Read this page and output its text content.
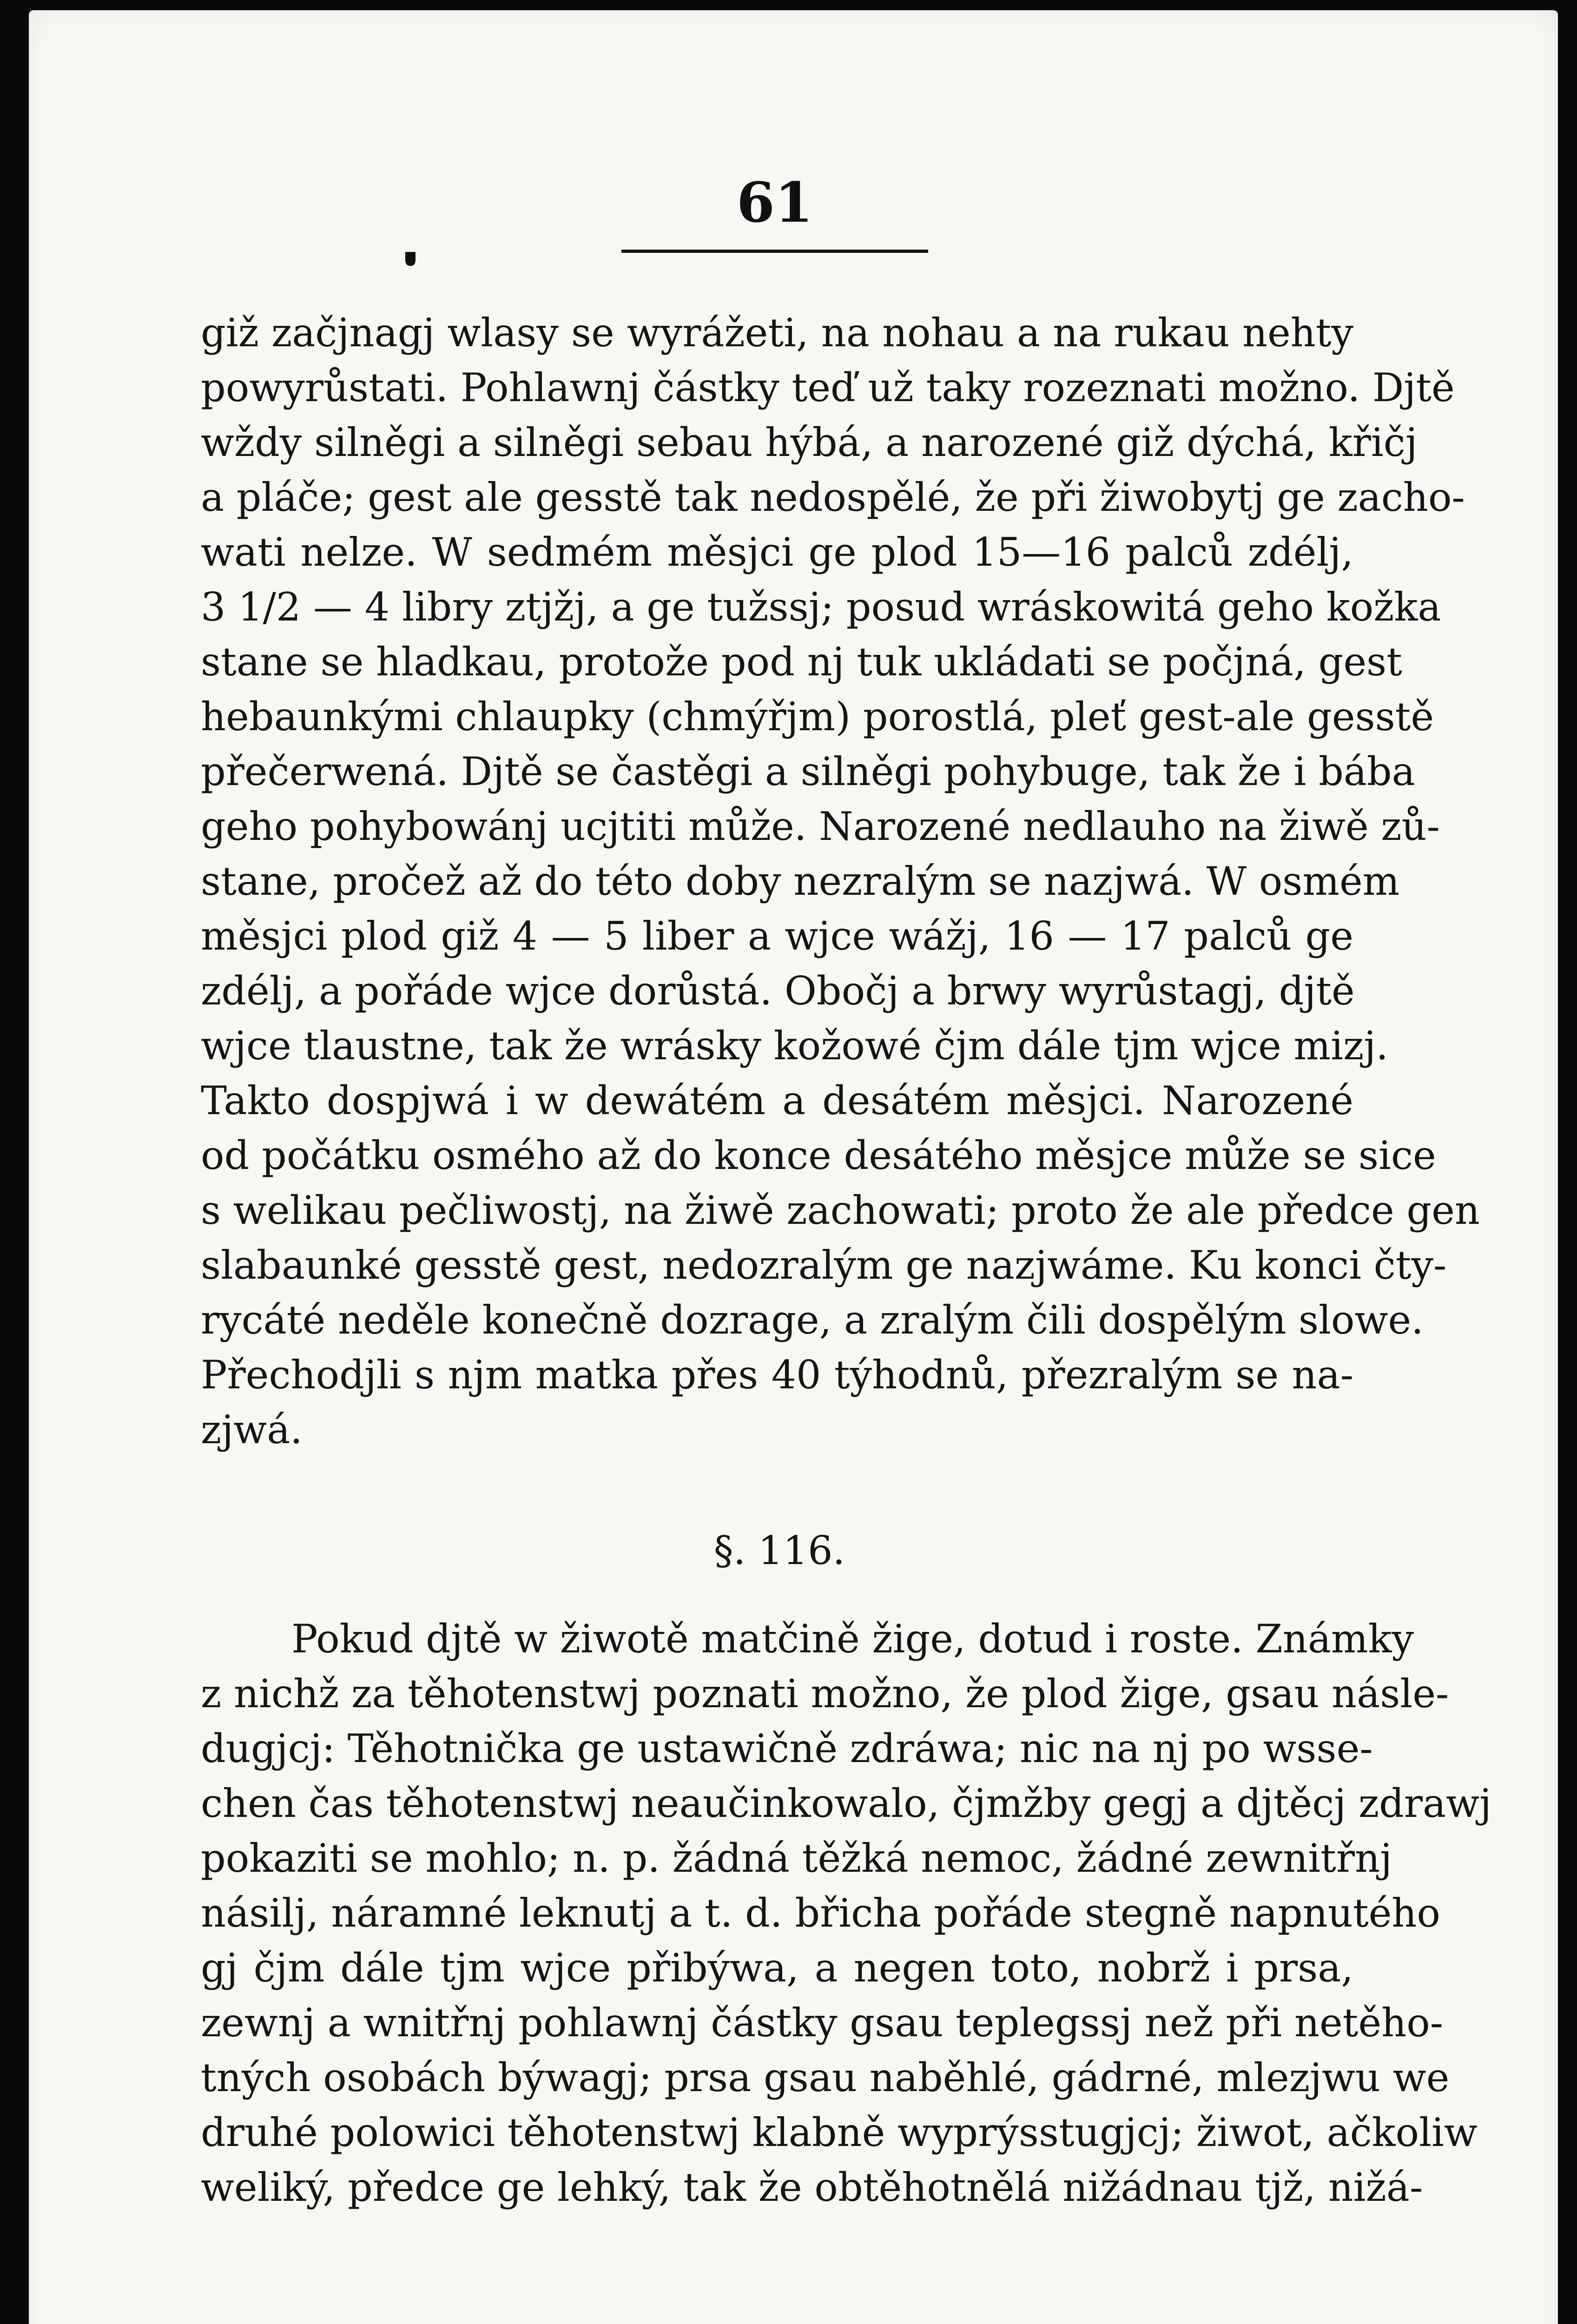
61
giž začjnagj wlasy se wyrážeti, na nohau a na rukau nehty
powyrůstati. Pohlawnj částky teď už taky rozeznati možno. Djtě
wždy silněgi a silněgi sebau hýbá, a narozené giž dýchá, křičj
a pláče; gest ale gesstě tak nedospělé, že při žiwobytj ge zacho-
wati nelze. W sedmém měsjci ge plod 15—16 palců zdélj,
3 1/2 — 4 libry ztjžj, a ge tužssj; posud wráskowitá geho kožka
stane se hladkau, protože pod nj tuk ukládati se počjná, gest
hebaunkými chlaupky (chmýřjm) porostlá, pleť gest-ale gesstě
přečerwená. Djtě se častěgi a silněgi pohybuge, tak že i bába
geho pohybowánj ucjtiti může. Narozené nedlauho na žiwě zů-
stane, pročež až do této doby nezralým se nazjwá. W osmém
měsjci plod giž 4 — 5 liber a wjce wážj, 16 — 17 palců ge
zdélj, a pořáde wjce dorůstá. Obočj a brwy wyrůstagj, djtě
wjce tlaustne, tak že wrásky kožowé čjm dále tjm wjce mizj.
Takto dospjwá i w dewátém a desátém měsjci. Narozené
od počátku osmého až do konce desátého měsjce může se sice
s welikau pečliwostj, na žiwě zachowati; proto že ale předce gen
slabaunké gesstě gest, nedozralým ge nazjwáme. Ku konci čty-
rycáté neděle konečně dozrage, a zralým čili dospělým slowe.
Přechodjli s njm matka přes 40 týhodnů, přezralým se na-
zjwá.
§. 116.
Pokud djtě w žiwotě matčině žige, dotud i roste. Známky
z nichž za těhotenstwj poznati možno, že plod žige, gsau násle-
dugjcj: Těhotnička ge ustawičně zdráwa; nic na nj po wsse-
chen čas těhotenstwj neaučinkowalo, čjmžby gegj a djtěcj zdrawj
pokaziti se mohlo; n. p. žádná těžká nemoc, žádné zewnitřnj
násilj, náramné leknutj a t. d. břicha pořáde stegně napnutého
gj čjm dále tjm wjce přibýwa, a negen toto, nobrž i prsa,
zewnj a wnitřnj pohlawnj částky gsau teplegssj než při netěho-
tných osobách býwagj; prsa gsau naběhlé, gádrné, mlezjwu we
druhé polowici těhotenstwj klabně wyprýsstugjcj; žiwot, ačkoliw
weliký, předce ge lehký, tak že obtěhotnělá nižádnau tjž, nižá-
